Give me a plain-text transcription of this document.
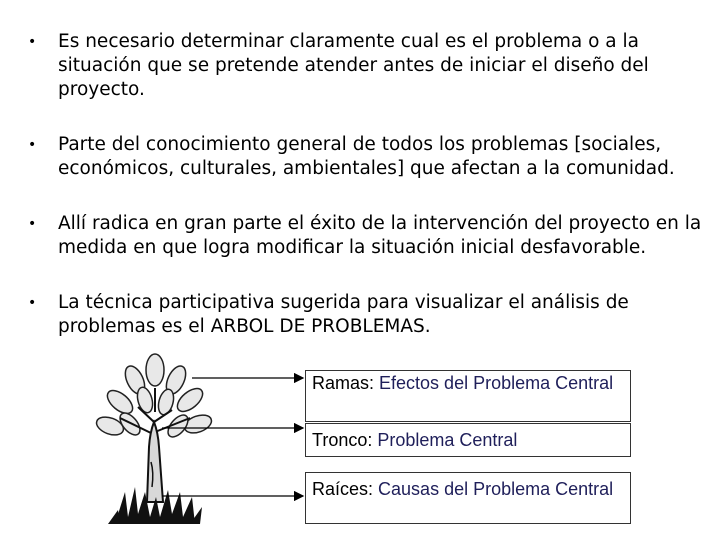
• Es necesario determinar claramente cual es el problema o a la situación que se pretende atender antes de iniciar el diseño del proyecto.
• Parte del conocimiento general de todos los problemas [sociales, económicos, culturales, ambientales] que afectan a la comunidad.
• Allí radica en gran parte el éxito de la intervención del proyecto en la medida en que logra modificar la situación inicial desfavorable.
• La técnica participativa sugerida para visualizar el análisis de problemas es el ARBOL DE PROBLEMAS.
Ramas: Efectos del Problema Central
Tronco: Problema Central
Raíces: Causas del Problema Central
